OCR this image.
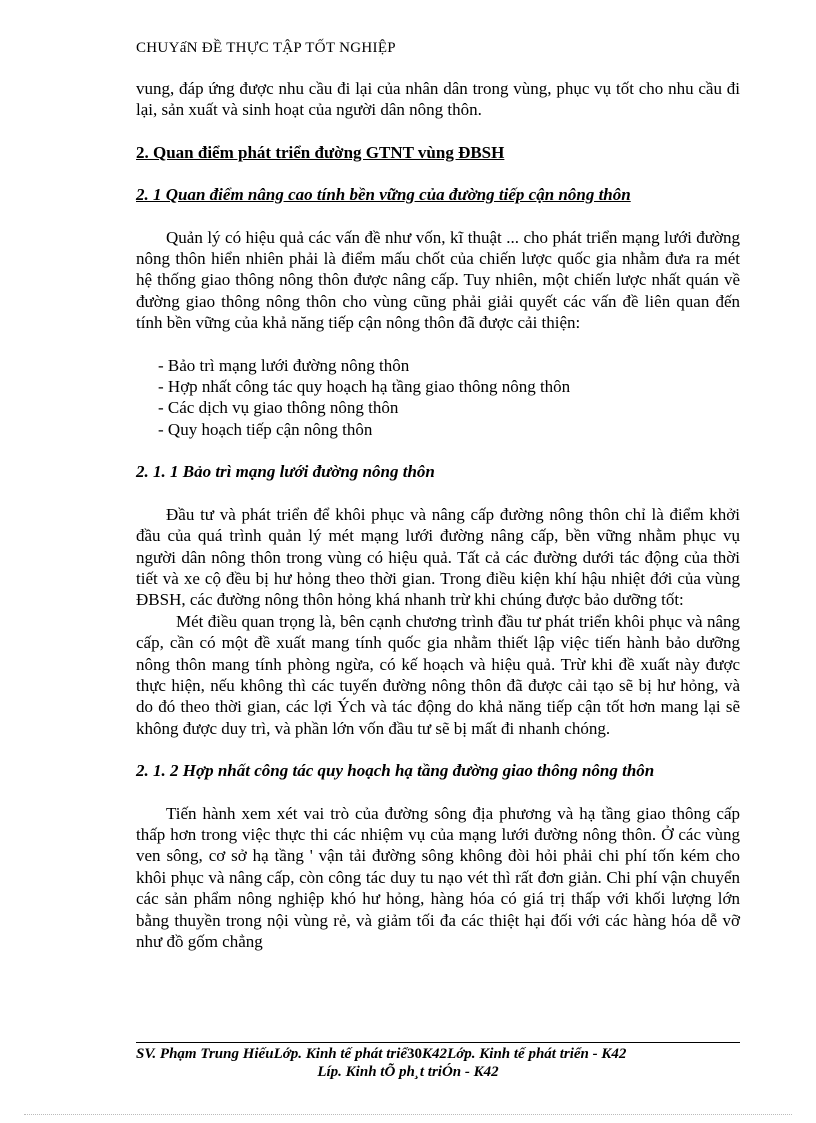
CHUYấN ĐỀ THỰC TẬP TỐT NGHIỆP

vung, đáp ứng được nhu cầu đi lại của nhân dân trong vùng, phục vụ tốt cho nhu cầu đi lại, sản xuất và sinh hoạt của người dân nông thôn.

2. Quan điểm phát triển đường GTNT vùng ĐBSH

2. 1 Quan điểm nâng cao tính bền vững của đường tiếp cận nông thôn

Quản lý có hiệu quả các vấn đề như vốn, kĩ thuật ... cho phát triển mạng lưới đường nông thôn hiển nhiên phải là điểm mấu chốt của chiến lược quốc gia nhằm đưa ra mét hệ thống giao thông nông thôn được nâng cấp. Tuy nhiên, một chiến lược nhất quán về đường giao thông nông thôn cho vùng cũng phải giải quyết các vấn đề liên quan đến tính bền vững của khả năng tiếp cận nông thôn đã được cải thiện:

- Bảo trì mạng lưới đường nông thôn
- Hợp nhất công tác quy hoạch hạ tầng giao thông nông thôn
- Các dịch vụ giao thông nông thôn
- Quy hoạch tiếp cận nông thôn

2. 1. 1 Bảo trì mạng lưới đường nông thôn

Đầu tư và phát triển để khôi phục và nâng cấp đường nông thôn chỉ là điểm khởi đầu của quá trình quản lý mét mạng lưới đường nâng cấp, bền vững nhằm phục vụ người dân nông thôn trong vùng có hiệu quả. Tất cả các đường dưới tác động của thời tiết và xe cộ đều bị hư hỏng theo thời gian. Trong điều kiện khí hậu nhiệt đới của vùng ĐBSH, các đường nông thôn hỏng khá nhanh trừ khi chúng được bảo dưỡng tốt:

Mét điều quan trọng là, bên cạnh chương trình đầu tư phát triển khôi phục và nâng cấp, cần có một đề xuất mang tính quốc gia nhằm thiết lập việc tiến hành bảo dưỡng nông thôn mang tính phòng ngừa, có kế hoạch và hiệu quả. Trừ khi đề xuất này được thực hiện, nếu không thì các tuyến đường nông thôn đã được cải tạo sẽ bị hư hỏng, và do đó theo thời gian, các lợi Ých và tác động do khả năng tiếp cận tốt hơn mang lại sẽ không được duy trì, và phần lớn vốn đầu tư sẽ bị mất đi nhanh chóng.

2. 1. 2 Hợp nhất công tác quy hoạch hạ tầng đường giao thông nông thôn

Tiến hành xem xét vai trò của đường sông địa phương và hạ tầng giao thông cấp thấp hơn trong việc thực thi các nhiệm vụ của mạng lưới đường nông thôn. Ở các vùng ven sông, cơ sở hạ tầng ' vận tải đường sông không đòi hỏi phải chi phí tốn kém cho khôi phục và nâng cấp, còn công tác duy tu nạo vét thì rất đơn giản. Chi phí vận chuyển các sản phẩm nông nghiệp khó hư hỏng, hàng hóa có giá trị thấp với khối lượng lớn bằng thuyền trong nội vùng rẻ, và giảm tối đa các thiệt hại đối với các hàng hóa dễ vỡ như đồ gốm chẳng

SV. Phạm Trung HiếuLớp. Kinh tế phát triể30K42Lớp. Kinh tế phát triển - K42
Líp. Kinh tÕ ph¸t triÓn - K42
